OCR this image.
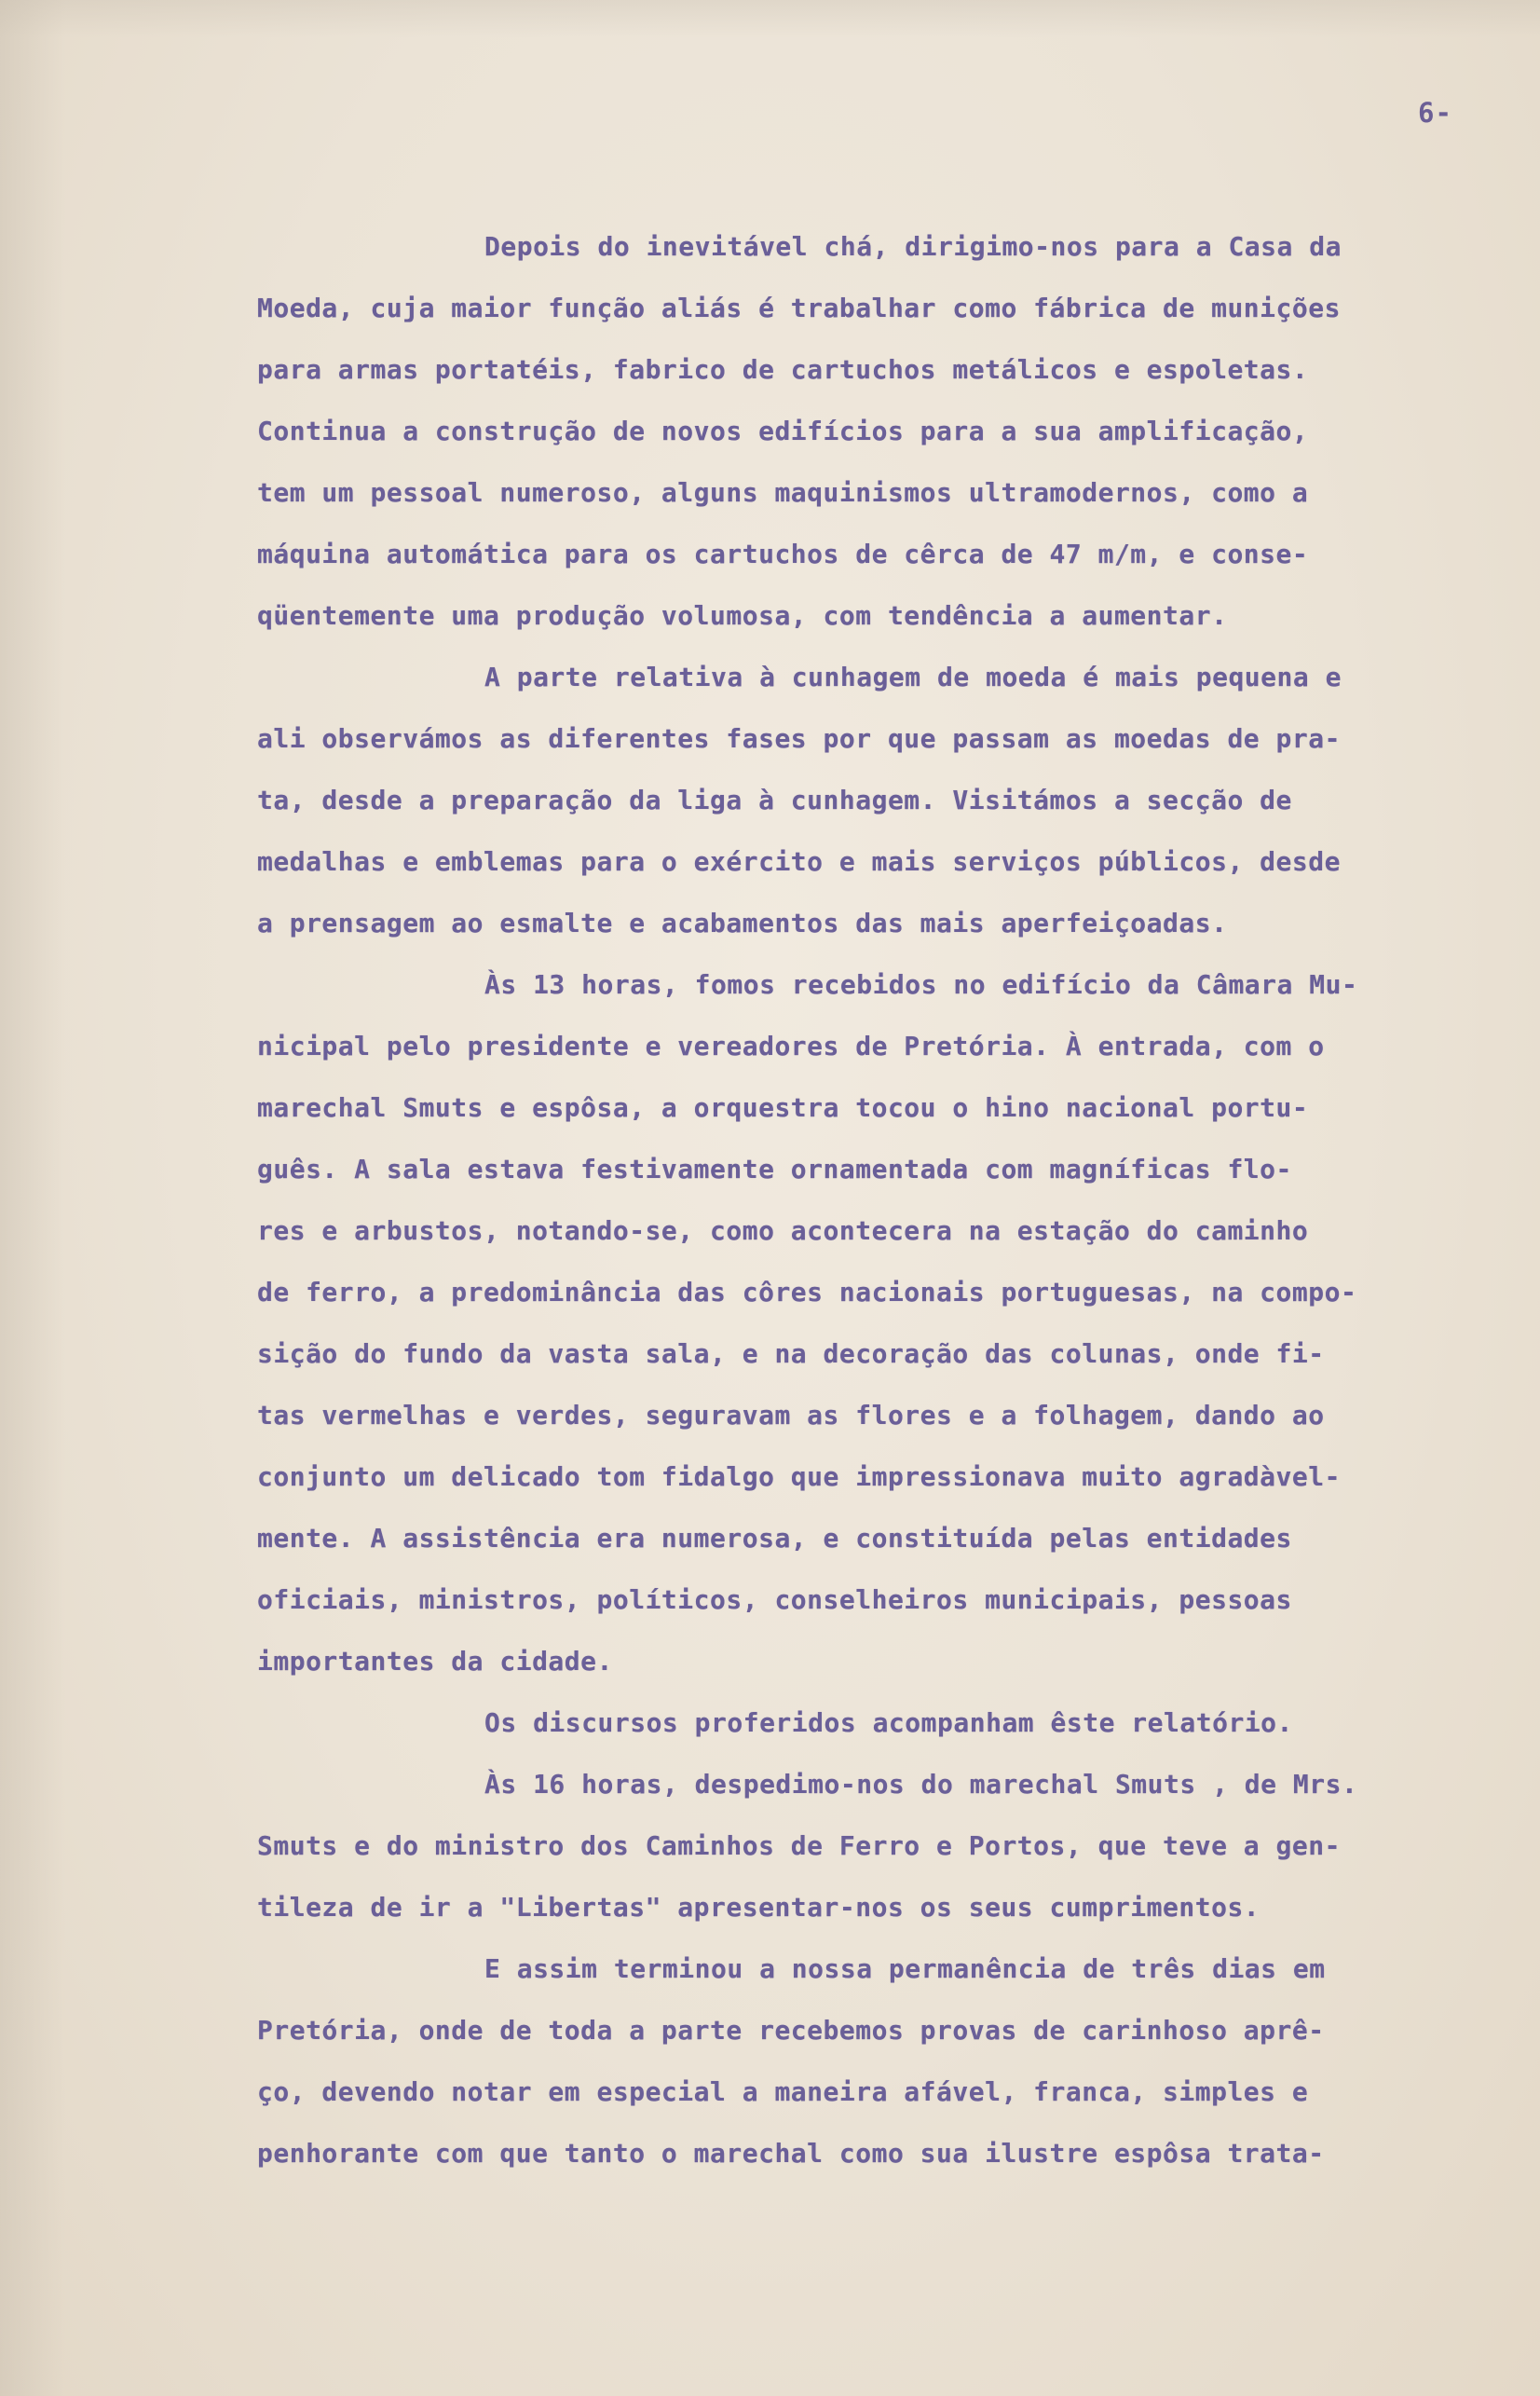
6-
Depois do inevitável chá, dirigimo-nos para a Casa da
Moeda, cuja maior função aliás é trabalhar como fábrica de munições
para armas portatéis, fabrico de cartuchos metálicos e espoletas.
Continua a construção de novos edifícios para a sua amplificação,
tem um pessoal numeroso, alguns maquinismos ultramodernos, como a
máquina automática para os cartuchos de cêrca de 47 m/m, e conse-
qüentemente uma produção volumosa, com tendência a aumentar.
A parte relativa à cunhagem de moeda é mais pequena e
ali observámos as diferentes fases por que passam as moedas de pra-
ta, desde a preparação da liga à cunhagem. Visitámos a secção de
medalhas e emblemas para o exército e mais serviços públicos, desde
a prensagem ao esmalte e acabamentos das mais aperfeiçoadas.
Às 13 horas, fomos recebidos no edifício da Câmara Mu-
nicipal pelo presidente e vereadores de Pretória. À entrada, com o
marechal Smuts e espôsa, a orquestra tocou o hino nacional portu-
guês. A sala estava festivamente ornamentada com magníficas flo-
res e arbustos, notando-se, como acontecera na estação do caminho
de ferro, a predominância das côres nacionais portuguesas, na compo-
sição do fundo da vasta sala, e na decoração das colunas, onde fi-
tas vermelhas e verdes, seguravam as flores e a folhagem, dando ao
conjunto um delicado tom fidalgo que impressionava muito agradàvel-
mente. A assistência era numerosa, e constituída pelas entidades
oficiais, ministros, políticos, conselheiros municipais, pessoas
importantes da cidade.
Os discursos proferidos acompanham êste relatório.
Às 16 horas, despedimo-nos do marechal Smuts , de Mrs.
Smuts e do ministro dos Caminhos de Ferro e Portos, que teve a gen-
tileza de ir a "Libertas" apresentar-nos os seus cumprimentos.
E assim terminou a nossa permanência de três dias em
Pretória, onde de toda a parte recebemos provas de carinhoso aprê-
ço, devendo notar em especial a maneira afável, franca, simples e
penhorante com que tanto o marechal como sua ilustre espôsa trata-
